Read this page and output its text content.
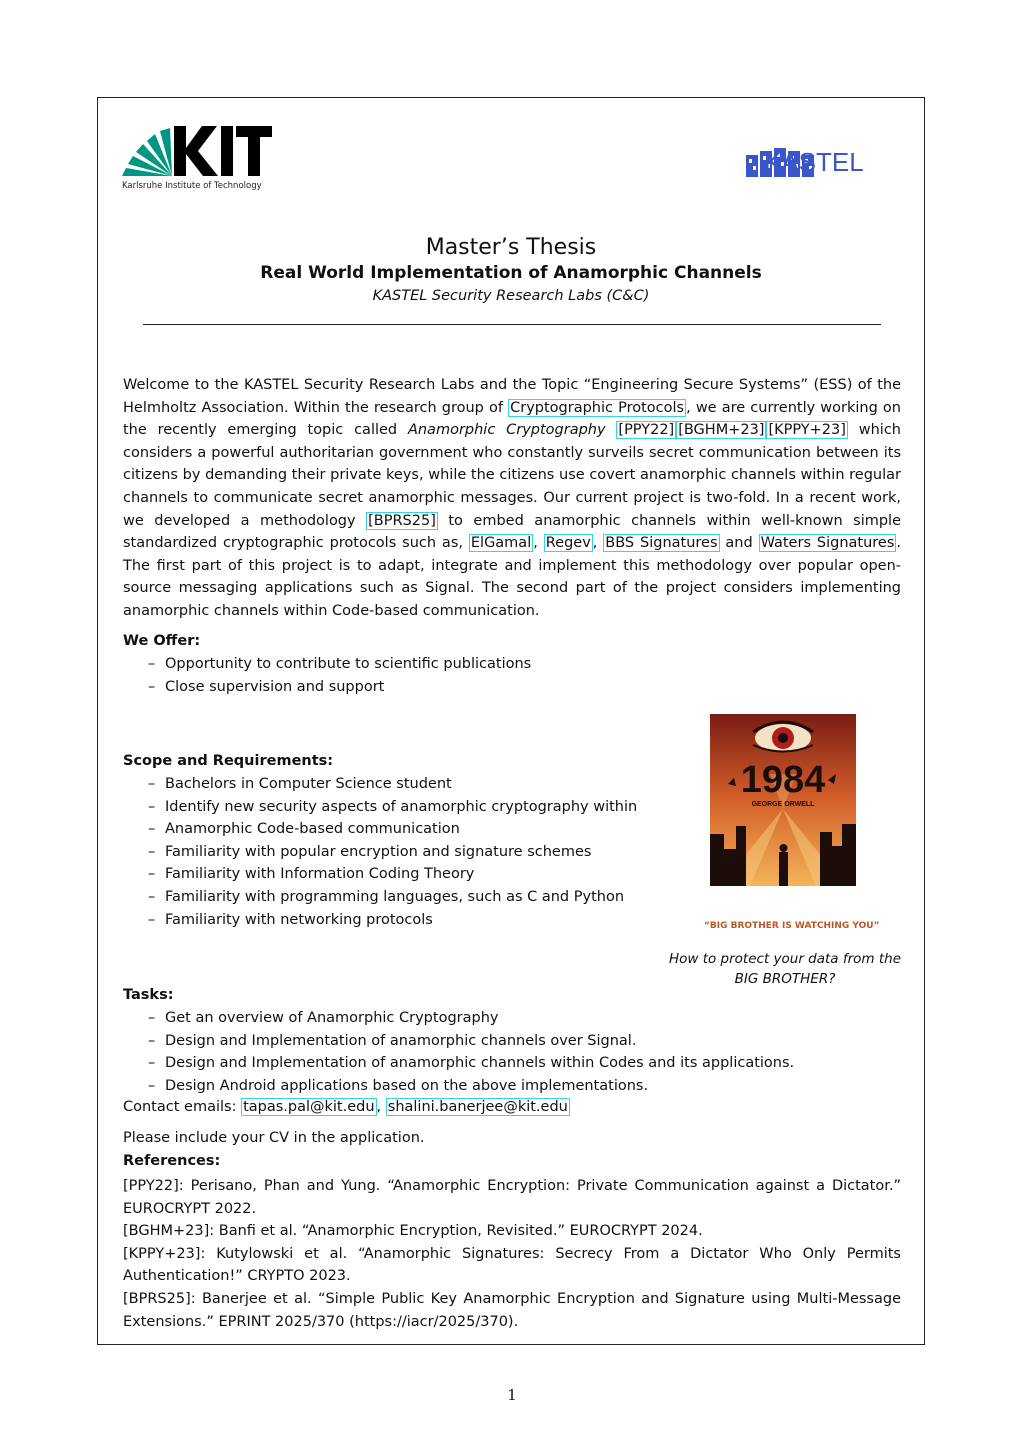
Karlsruhe Institute of Technology
KASTEL
Master’s Thesis
Real World Implementation of Anamorphic Channels
KASTEL Security Research Labs (C&C)
Welcome to the KASTEL Security Research Labs and the Topic “Engineering Secure Systems” (ESS) of the Helmholtz Association. Within the research group of Cryptographic Protocols , we are currently working on the recently emerging topic called Anamorphic Cryptography [PPY22] [BGHM+23] [KPPY+23] which considers a powerful authoritarian government who constantly surveils secret communication between its citizens by demanding their private keys, while the citizens use covert anamorphic channels within regular channels to communicate secret anamorphic messages. Our current project is two-fold. In a recent work, we developed a methodology [BPRS25] to embed anamorphic channels within well-known simple standardized cryptographic protocols such as, ElGamal , Regev , BBS Signatures and Waters Signatures . The first part of this project is to adapt, integrate and implement this methodology over popular open-source messaging applications such as Signal. The second part of the project considers implementing anamorphic channels within Code-based communication.
We Offer:
– Opportunity to contribute to scientific publications
– Close supervision and support
Scope and Requirements:
– Bachelors in Computer Science student
– Identify new security aspects of anamorphic cryptography within
– Anamorphic Code-based communication
– Familiarity with popular encryption and signature schemes
– Familiarity with Information Coding Theory
– Familiarity with programming languages, such as C and Python
– Familiarity with networking protocols
1984
GEORGE ORWELL
“BIG BROTHER IS WATCHING YOU”
How to protect your data from the
BIG BROTHER?
Tasks:
– Get an overview of Anamorphic Cryptography
– Design and Implementation of anamorphic channels over Signal.
– Design and Implementation of anamorphic channels within Codes and its applications.
– Design Android applications based on the above implementations.
Contact emails: tapas.pal@kit.edu , shalini.banerjee@kit.edu
Please include your CV in the application.
References:

[PPY22]: Perisano, Phan and Yung. “Anamorphic Encryption: Private Communication against a Dictator.” EUROCRYPT 2022.

[BGHM+23]: Banfi et al. “Anamorphic Encryption, Revisited.” EUROCRYPT 2024.

[KPPY+23]: Kutylowski et al. “Anamorphic Signatures: Secrecy From a Dictator Who Only Permits Authentication!” CRYPTO 2023.

[BPRS25]: Banerjee et al. “Simple Public Key Anamorphic Encryption and Signature using Multi-Message Extensions.” EPRINT 2025/370 (https://iacr/2025/370).

1
